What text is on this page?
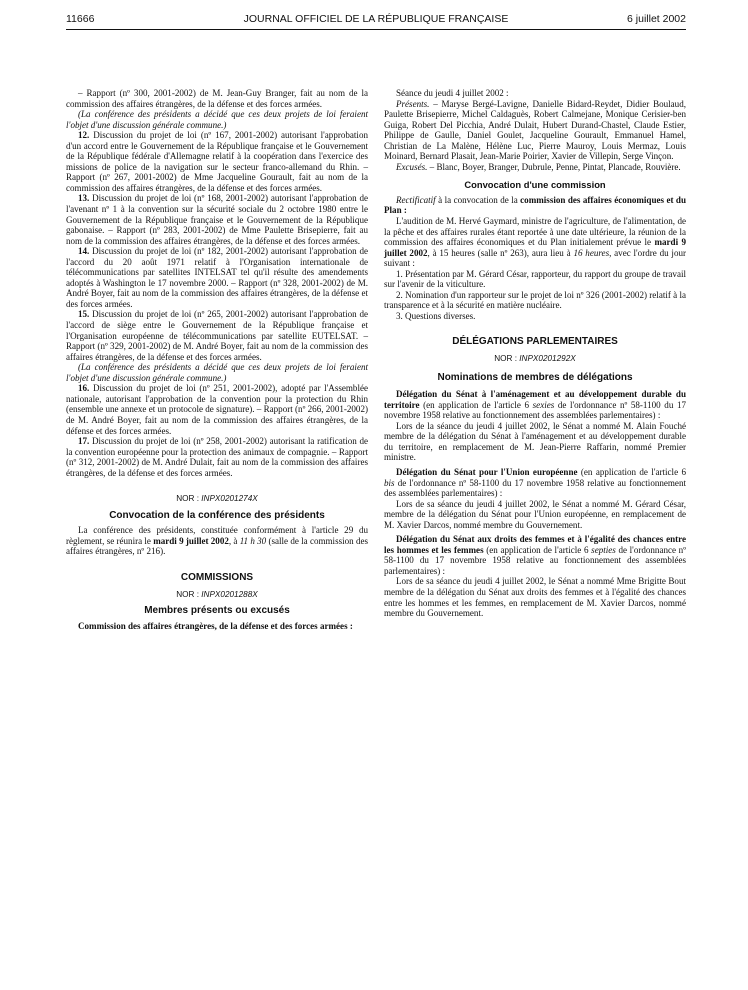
11666	JOURNAL OFFICIEL DE LA RÉPUBLIQUE FRANÇAISE	6 juillet 2002

– Rapport (nº 300, 2001-2002) de M. Jean-Guy Branger, fait au nom de la commission des affaires étrangères, de la défense et des forces armées.

(La conférence des présidents a décidé que ces deux projets de loi feraient l'objet d'une discussion générale commune.)

12. Discussion du projet de loi (nº 167, 2001-2002) autorisant l'approbation d'un accord entre le Gouvernement de la République française et le Gouvernement de la République fédérale d'Allemagne relatif à la coopération dans l'exercice des missions de police de la navigation sur le secteur franco-allemand du Rhin. – Rapport (nº 267, 2001-2002) de Mme Jacqueline Gourault, fait au nom de la commission des affaires étrangères, de la défense et des forces armées.

13. Discussion du projet de loi (nº 168, 2001-2002) autorisant l'approbation de l'avenant nº 1 à la convention sur la sécurité sociale du 2 octobre 1980 entre le Gouvernement de la République française et le Gouvernement de la République gabonaise. – Rapport (nº 283, 2001-2002) de Mme Paulette Brisepierre, fait au nom de la commission des affaires étrangères, de la défense et des forces armées.

14. Discussion du projet de loi (nº 182, 2001-2002) autorisant l'approbation de l'accord du 20 août 1971 relatif à l'Organisation internationale de télécommunications par satellites INTELSAT tel qu'il résulte des amendements adoptés à Washington le 17 novembre 2000. – Rapport (nº 328, 2001-2002) de M. André Boyer, fait au nom de la commission des affaires étrangères, de la défense et des forces armées.

15. Discussion du projet de loi (nº 265, 2001-2002) autorisant l'approbation de l'accord de siège entre le Gouvernement de la République française et l'Organisation européenne de télécommunications par satellite EUTELSAT. – Rapport (nº 329, 2001-2002) de M. André Boyer, fait au nom de la commission des affaires étrangères, de la défense et des forces armées.

(La conférence des présidents a décidé que ces deux projets de loi feraient l'objet d'une discussion générale commune.)

16. Discussion du projet de loi (nº 251, 2001-2002), adopté par l'Assemblée nationale, autorisant l'approbation de la convention pour la protection du Rhin (ensemble une annexe et un protocole de signature). – Rapport (nº 266, 2001-2002) de M. André Boyer, fait au nom de la commission des affaires étrangères, de la défense et des forces armées.

17. Discussion du projet de loi (nº 258, 2001-2002) autorisant la ratification de la convention européenne pour la protection des animaux de compagnie. – Rapport (nº 312, 2001-2002) de M. André Dulait, fait au nom de la commission des affaires étrangères, de la défense et des forces armées.

NOR : INPX0201274X

Convocation de la conférence des présidents

La conférence des présidents, constituée conformément à l'article 29 du règlement, se réunira le mardi 9 juillet 2002, à 11 h 30 (salle de la commission des affaires étrangères, nº 216).

COMMISSIONS

NOR : INPX0201288X

Membres présents ou excusés

Commission des affaires étrangères, de la défense et des forces armées :

Séance du jeudi 4 juillet 2002 :

Présents. – Maryse Bergé-Lavigne, Danielle Bidard-Reydet, Didier Boulaud, Paulette Brisepierre, Michel Caldaguès, Robert Calmejane, Monique Cerisier-ben Guiga, Robert Del Picchia, André Dulait, Hubert Durand-Chastel, Claude Estier, Philippe de Gaulle, Daniel Goulet, Jacqueline Gourault, Emmanuel Hamel, Christian de La Malène, Hélène Luc, Pierre Mauroy, Louis Mermaz, Louis Moinard, Bernard Plasait, Jean-Marie Poirier, Xavier de Villepin, Serge Vinçon.

Excusés. – Blanc, Boyer, Branger, Dubrule, Penne, Pintat, Plancade, Rouvière.

Convocation d'une commission

Rectificatif à la convocation de la commission des affaires économiques et du Plan :

L'audition de M. Hervé Gaymard, ministre de l'agriculture, de l'alimentation, de la pêche et des affaires rurales étant reportée à une date ultérieure, la réunion de la commission des affaires économiques et du Plan initialement prévue le mardi 9 juillet 2002, à 15 heures (salle nº 263), aura lieu à 16 heures, avec l'ordre du jour suivant :

1. Présentation par M. Gérard César, rapporteur, du rapport du groupe de travail sur l'avenir de la viticulture.

2. Nomination d'un rapporteur sur le projet de loi nº 326 (2001-2002) relatif à la transparence et à la sécurité en matière nucléaire.

3. Questions diverses.

DÉLÉGATIONS PARLEMENTAIRES

NOR : INPX0201292X

Nominations de membres de délégations

Délégation du Sénat à l'aménagement et au développement durable du territoire (en application de l'article 6 sexies de l'ordonnance nº 58-1100 du 17 novembre 1958 relative au fonctionnement des assemblées parlementaires) :

Lors de la séance du jeudi 4 juillet 2002, le Sénat a nommé M. Alain Fouché membre de la délégation du Sénat à l'aménagement et au développement durable du territoire, en remplacement de M. Jean-Pierre Raffarin, nommé Premier ministre.

Délégation du Sénat pour l'Union européenne (en application de l'article 6 bis de l'ordonnance nº 58-1100 du 17 novembre 1958 relative au fonctionnement des assemblées parlementaires) :

Lors de sa séance du jeudi 4 juillet 2002, le Sénat a nommé M. Gérard César, membre de la délégation du Sénat pour l'Union européenne, en remplacement de M. Xavier Darcos, nommé membre du Gouvernement.

Délégation du Sénat aux droits des femmes et à l'égalité des chances entre les hommes et les femmes (en application de l'article 6 septies de l'ordonnance nº 58-1100 du 17 novembre 1958 relative au fonctionnement des assemblées parlementaires) :

Lors de sa séance du jeudi 4 juillet 2002, le Sénat a nommé Mme Brigitte Bout membre de la délégation du Sénat aux droits des femmes et à l'égalité des chances entre les hommes et les femmes, en remplacement de M. Xavier Darcos, nommé membre du Gouvernement.
